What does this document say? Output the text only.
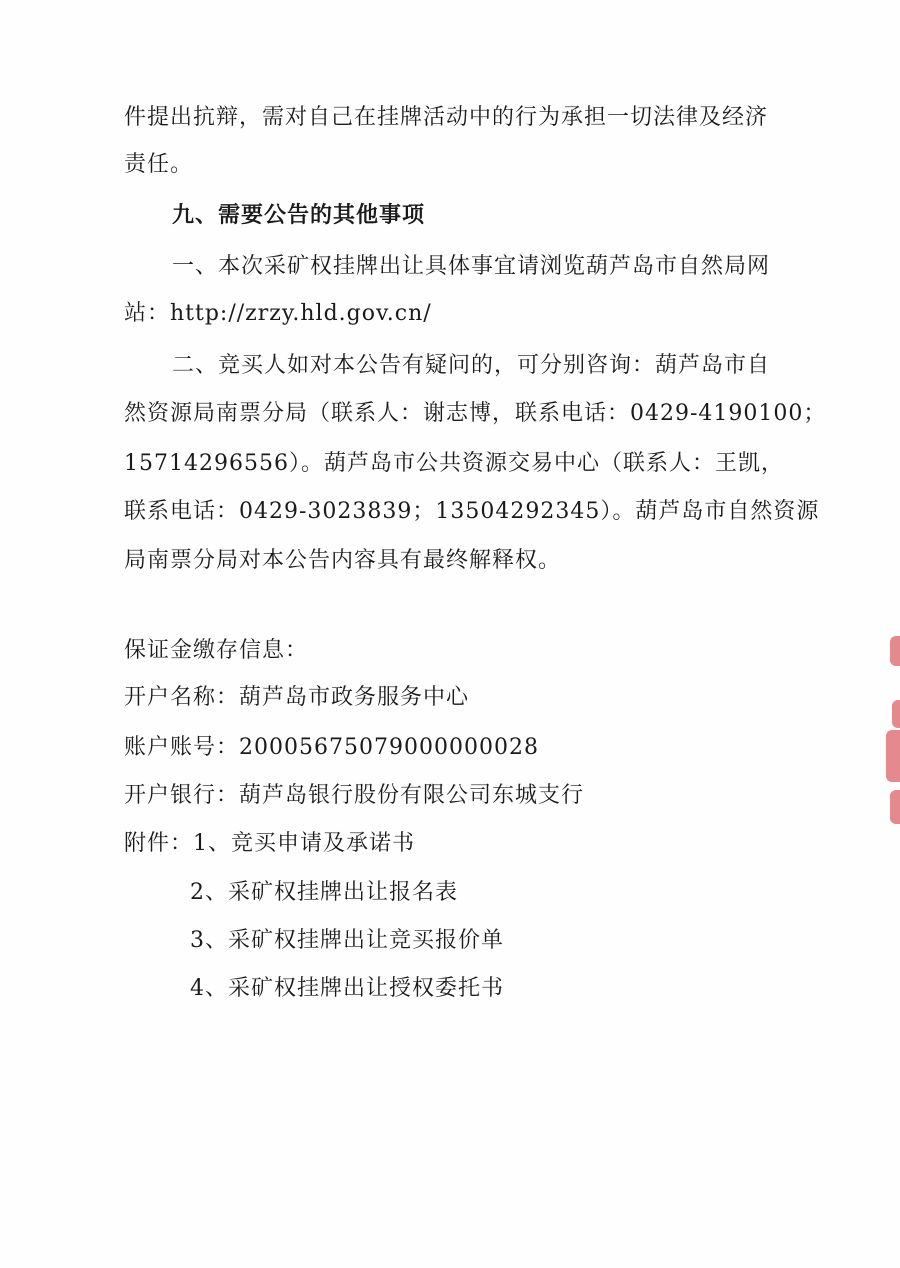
件提出抗辩，需对自己在挂牌活动中的行为承担一切法律及经济
责任。
九、需要公告的其他事项
一、本次采矿权挂牌出让具体事宜请浏览葫芦岛市自然局网
站：http://zrzy.hld.gov.cn/
二、竞买人如对本公告有疑问的，可分别咨询：葫芦岛市自
然资源局南票分局（联系人：谢志博，联系电话：0429-4190100；
15714296556）。葫芦岛市公共资源交易中心（联系人：王凯，
联系电话：0429-3023839；13504292345）。葫芦岛市自然资源
局南票分局对本公告内容具有最终解释权。
保证金缴存信息：
开户名称：葫芦岛市政务服务中心
账户账号：20005675079000000028
开户银行：葫芦岛银行股份有限公司东城支行
附件：1、竞买申请及承诺书
2、采矿权挂牌出让报名表
3、采矿权挂牌出让竞买报价单
4、采矿权挂牌出让授权委托书
